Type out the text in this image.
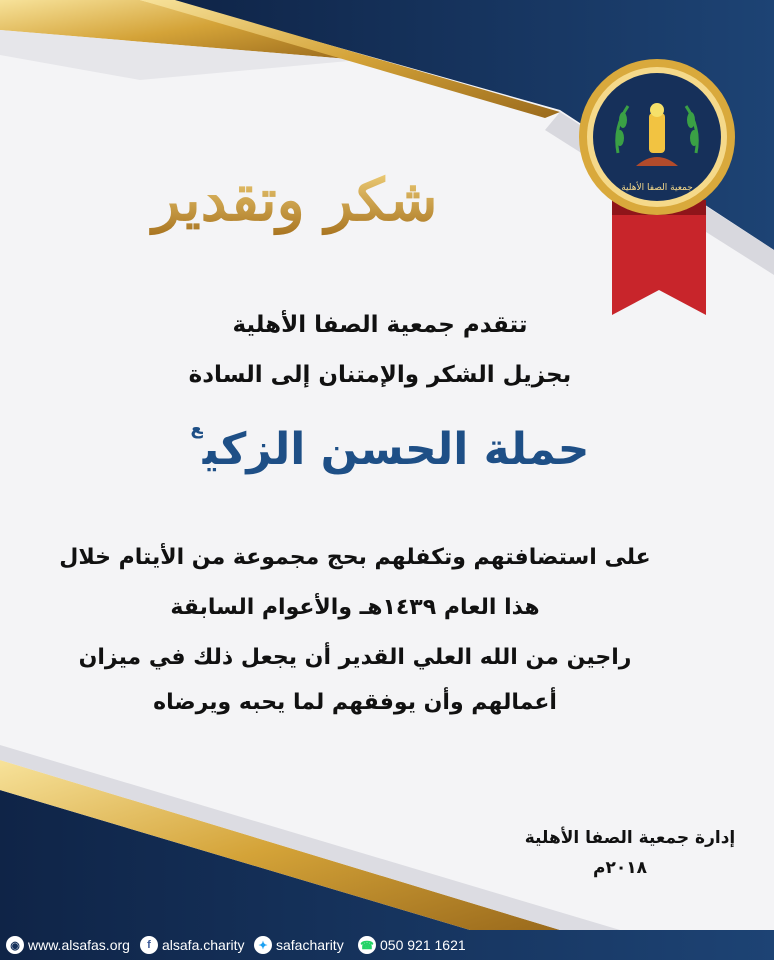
جمعية الصفا الأهلية
شكر وتقدير
تتقدم جمعية الصفا الأهلية
بجزيل الشكر والإمتنان إلى السادة
حملة الحسن الزكي$^ع$
على استضافتهم وتكفلهم بحج مجموعة من الأيتام خلال
هذا العام ١٤٣٩هـ والأعوام السابقة
راجين من الله العلي القدير أن يجعل ذلك في ميزان
أعمالهم وأن يوفقهم لما يحبه ويرضاه
إدارة جمعية الصفا الأهلية
٢٠١٨م
◉ www.alsafas.org	f alsafa.charity	✦ safacharity ☎ 050 921 1621
